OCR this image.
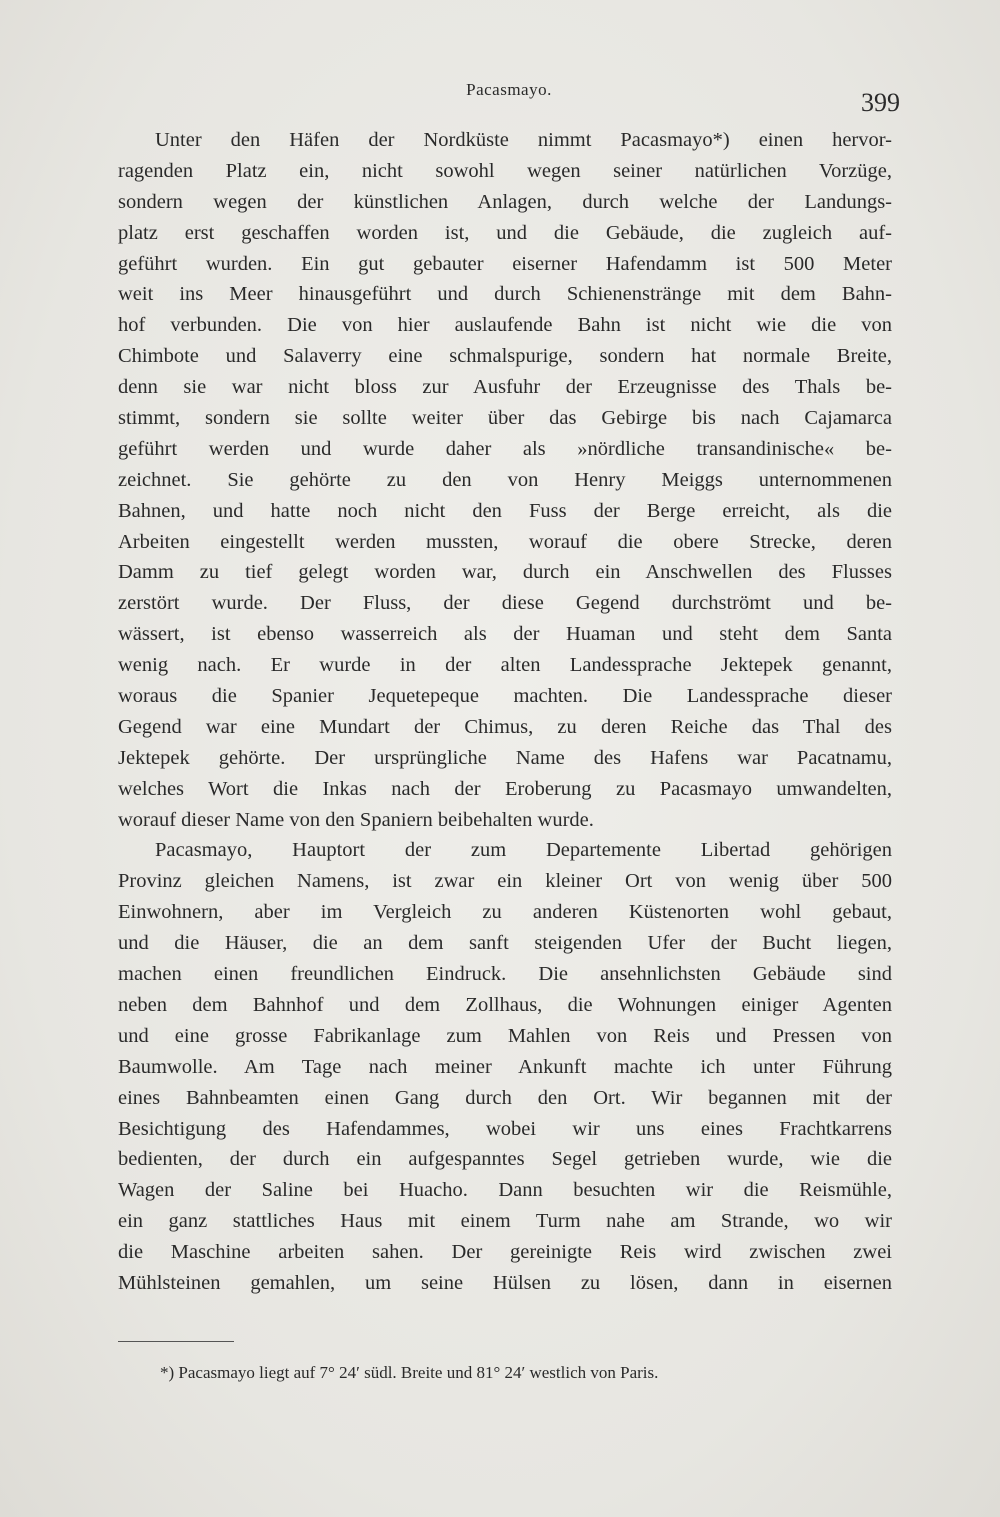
Pacasmayo.	399
Unter den Häfen der Nordküste nimmt Pacasmayo*) einen hervor-
ragenden Platz ein, nicht sowohl wegen seiner natürlichen Vorzüge,
sondern wegen der künstlichen Anlagen, durch welche der Landungs-
platz erst geschaffen worden ist, und die Gebäude, die zugleich auf-
geführt wurden. Ein gut gebauter eiserner Hafendamm ist 500 Meter
weit ins Meer hinausgeführt und durch Schienenstränge mit dem Bahn-
hof verbunden. Die von hier auslaufende Bahn ist nicht wie die von
Chimbote und Salaverry eine schmalspurige, sondern hat normale Breite,
denn sie war nicht bloss zur Ausfuhr der Erzeugnisse des Thals be-
stimmt, sondern sie sollte weiter über das Gebirge bis nach Cajamarca
geführt werden und wurde daher als »nördliche transandinische« be-
zeichnet. Sie gehörte zu den von Henry Meiggs unternommenen
Bahnen, und hatte noch nicht den Fuss der Berge erreicht, als die
Arbeiten eingestellt werden mussten, worauf die obere Strecke, deren
Damm zu tief gelegt worden war, durch ein Anschwellen des Flusses
zerstört wurde. Der Fluss, der diese Gegend durchströmt und be-
wässert, ist ebenso wasserreich als der Huaman und steht dem Santa
wenig nach. Er wurde in der alten Landessprache Jektepek genannt,
woraus die Spanier Jequetepeque machten. Die Landessprache dieser
Gegend war eine Mundart der Chimus, zu deren Reiche das Thal des
Jektepek gehörte. Der ursprüngliche Name des Hafens war Pacatnamu,
welches Wort die Inkas nach der Eroberung zu Pacasmayo umwandelten,
worauf dieser Name von den Spaniern beibehalten wurde.
Pacasmayo, Hauptort der zum Departemente Libertad gehörigen
Provinz gleichen Namens, ist zwar ein kleiner Ort von wenig über 500
Einwohnern, aber im Vergleich zu anderen Küstenorten wohl gebaut,
und die Häuser, die an dem sanft steigenden Ufer der Bucht liegen,
machen einen freundlichen Eindruck. Die ansehnlichsten Gebäude sind
neben dem Bahnhof und dem Zollhaus, die Wohnungen einiger Agenten
und eine grosse Fabrikanlage zum Mahlen von Reis und Pressen von
Baumwolle. Am Tage nach meiner Ankunft machte ich unter Führung
eines Bahnbeamten einen Gang durch den Ort. Wir begannen mit der
Besichtigung des Hafendammes, wobei wir uns eines Frachtkarrens
bedienten, der durch ein aufgespanntes Segel getrieben wurde, wie die
Wagen der Saline bei Huacho. Dann besuchten wir die Reismühle,
ein ganz stattliches Haus mit einem Turm nahe am Strande, wo wir
die Maschine arbeiten sahen. Der gereinigte Reis wird zwischen zwei
Mühlsteinen gemahlen, um seine Hülsen zu lösen, dann in eisernen
*) Pacasmayo liegt auf 7° 24′ südl. Breite und 81° 24′ westlich von Paris.
